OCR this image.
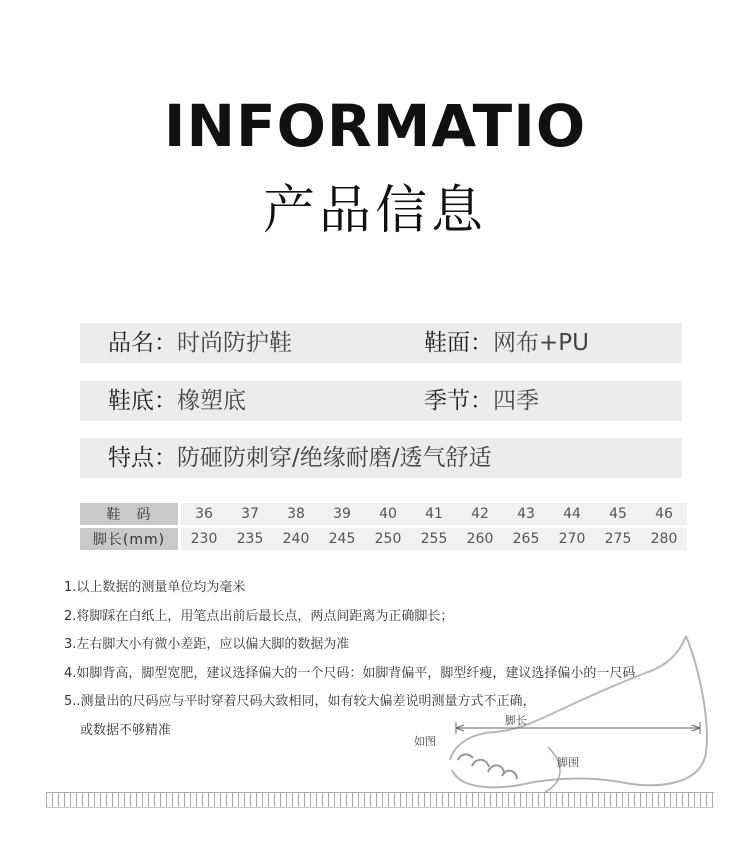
INFORMATIO
产品信息
品名：时尚防护鞋	鞋面：网布+PU
鞋底：橡塑底	季节：四季
特点：防砸防刺穿/绝缘耐磨/透气舒适
鞋　码	36	37	38	39	40	41	42	43	44	45	46
脚长(mm)	230	235	240	245	250	255	260	265	270	275	280
1.以上数据的测量单位均为毫米
2.将脚踩在白纸上，用笔点出前后最长点，两点间距离为正确脚长；
3.左右脚大小有微小差距，应以偏大脚的数据为准
4.如脚背高，脚型宽肥，建议选择偏大的一个尺码：如脚背偏平，脚型纤瘦，建议选择偏小的一尺码
5..测量出的尺码应与平时穿着尺码大致相同，如有较大偏差说明测量方式不正确，
或数据不够精准
脚长
如图
脚围
